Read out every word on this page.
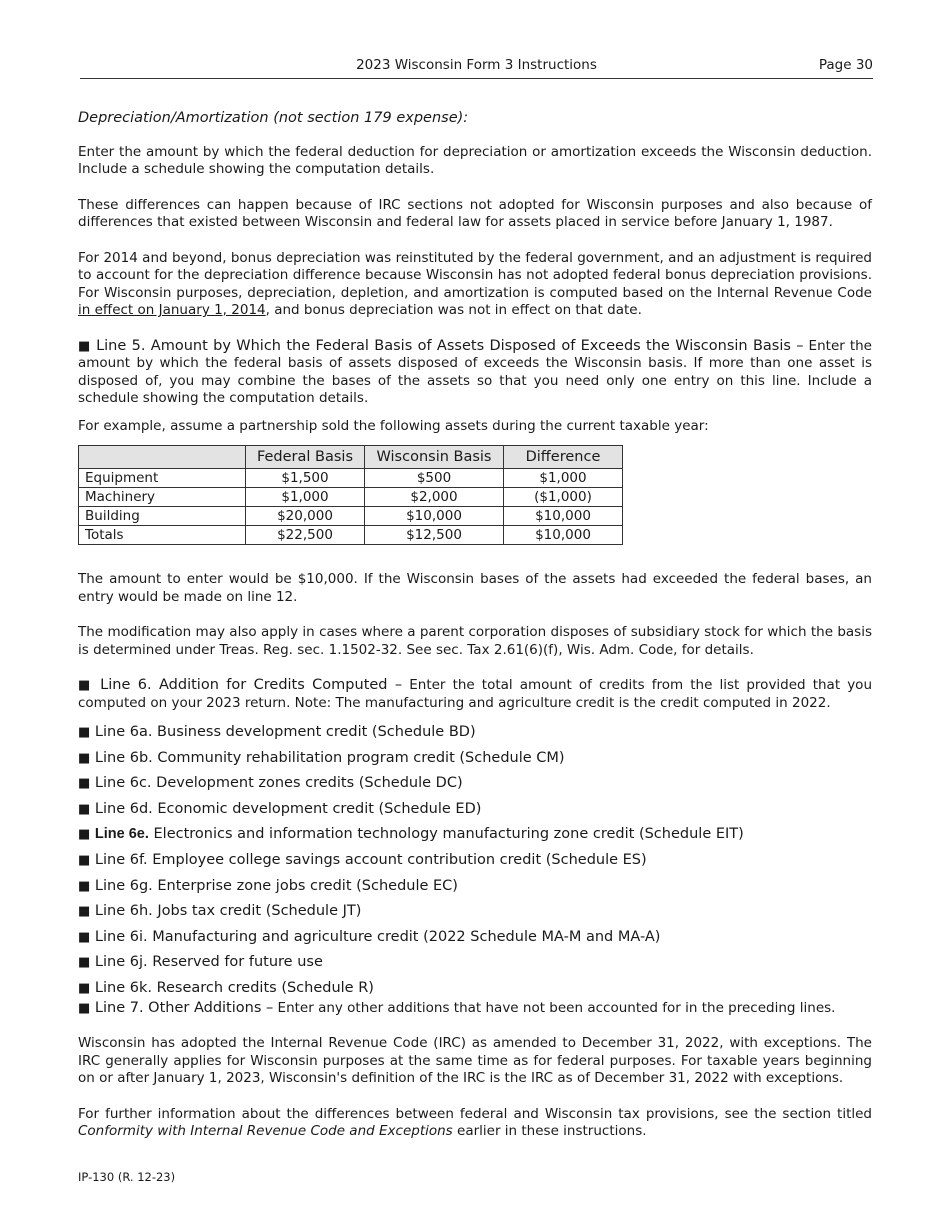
2023 Wisconsin Form 3 Instructions	Page 30

Depreciation/Amortization (not section 179 expense):

Enter the amount by which the federal deduction for depreciation or amortization exceeds the Wisconsin deduction. Include a schedule showing the computation details.

These differences can happen because of IRC sections not adopted for Wisconsin purposes and also because of differences that existed between Wisconsin and federal law for assets placed in service before January 1, 1987.

For 2014 and beyond, bonus depreciation was reinstituted by the federal government, and an adjustment is required to account for the depreciation difference because Wisconsin has not adopted federal bonus depreciation provisions. For Wisconsin purposes, depreciation, depletion, and amortization is computed based on the Internal Revenue Code in effect on January 1, 2014, and bonus depreciation was not in effect on that date.

■ Line 5. Amount by Which the Federal Basis of Assets Disposed of Exceeds the Wisconsin Basis – Enter the amount by which the federal basis of assets disposed of exceeds the Wisconsin basis. If more than one asset is disposed of, you may combine the bases of the assets so that you need only one entry on this line. Include a schedule showing the computation details.

For example, assume a partnership sold the following assets during the current taxable year:

	Federal Basis	Wisconsin Basis	Difference
Equipment	$1,500	$500	$1,000
Machinery	$1,000	$2,000	($1,000)
Building	$20,000	$10,000	$10,000
Totals	$22,500	$12,500	$10,000

The amount to enter would be $10,000. If the Wisconsin bases of the assets had exceeded the federal bases, an entry would be made on line 12.

The modification may also apply in cases where a parent corporation disposes of subsidiary stock for which the basis is determined under Treas. Reg. sec. 1.1502-32. See sec. Tax 2.61(6)(f), Wis. Adm. Code, for details.

■ Line 6. Addition for Credits Computed – Enter the total amount of credits from the list provided that you computed on your 2023 return. Note: The manufacturing and agriculture credit is the credit computed in 2022.

■ Line 6a. Business development credit (Schedule BD)
■ Line 6b. Community rehabilitation program credit (Schedule CM)
■ Line 6c. Development zones credits (Schedule DC)
■ Line 6d. Economic development credit (Schedule ED)
■ Line 6e. Electronics and information technology manufacturing zone credit (Schedule EIT)
■ Line 6f. Employee college savings account contribution credit (Schedule ES)
■ Line 6g. Enterprise zone jobs credit (Schedule EC)
■ Line 6h. Jobs tax credit (Schedule JT)
■ Line 6i. Manufacturing and agriculture credit (2022 Schedule MA-M and MA-A)
■ Line 6j. Reserved for future use
■ Line 6k. Research credits (Schedule R)

■ Line 7. Other Additions – Enter any other additions that have not been accounted for in the preceding lines.

Wisconsin has adopted the Internal Revenue Code (IRC) as amended to December 31, 2022, with exceptions. The IRC generally applies for Wisconsin purposes at the same time as for federal purposes. For taxable years beginning on or after January 1, 2023, Wisconsin's definition of the IRC is the IRC as of December 31, 2022 with exceptions.

For further information about the differences between federal and Wisconsin tax provisions, see the section titled Conformity with Internal Revenue Code and Exceptions earlier in these instructions.

IP-130 (R. 12-23)
